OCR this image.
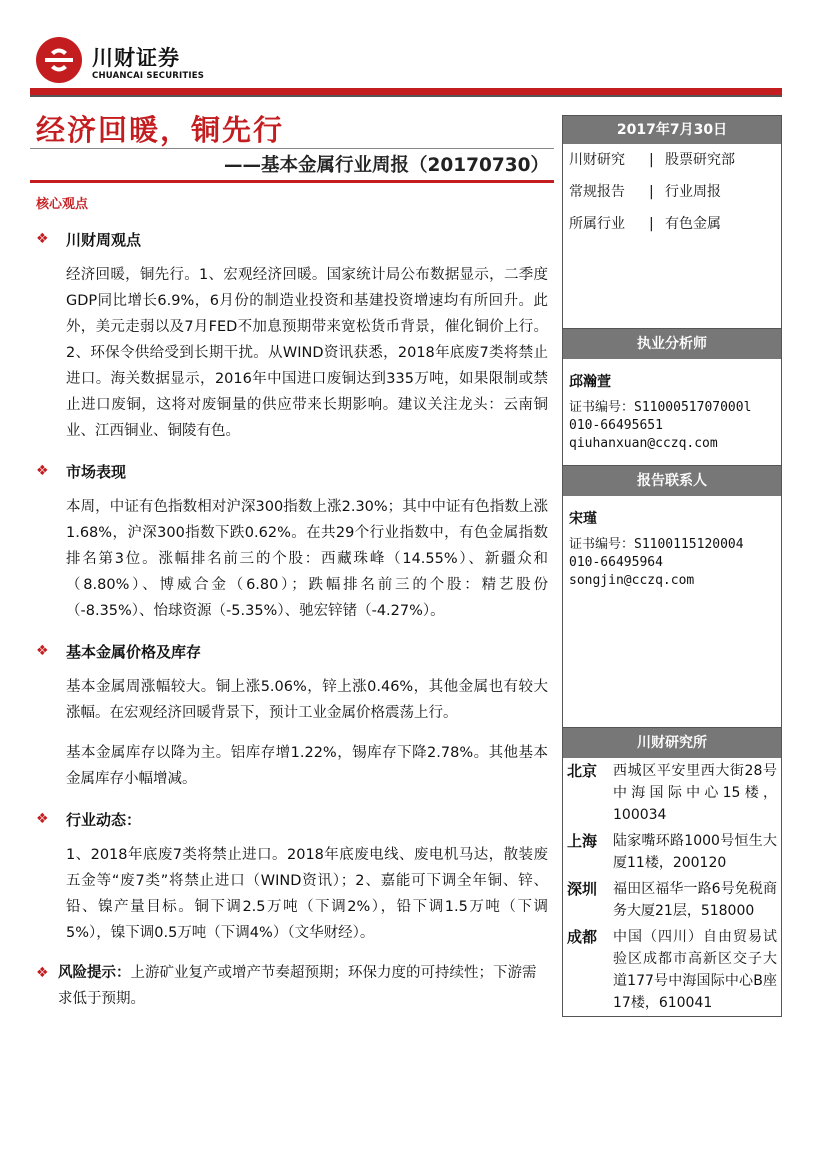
川财证券
CHUANCAI SECURITIES
经济回暖，铜先行
——基本金属行业周报（20170730）
核心观点
❖	川财周观点

经济回暖，铜先行。1、宏观经济回暖。国家统计局公布数据显示，二季度GDP同比增长6.9%，6月份的制造业投资和基建投资增速均有所回升。此外，美元走弱以及7月FED不加息预期带来宽松货币背景，催化铜价上行。2、环保令供给受到长期干扰。从WIND资讯获悉，2018年底废7类将禁止进口。海关数据显示，2016年中国进口废铜达到335万吨，如果限制或禁止进口废铜，这将对废铜量的供应带来长期影响。建议关注龙头：云南铜业、江西铜业、铜陵有色。

❖	市场表现

本周，中证有色指数相对沪深300指数上涨2.30%；其中中证有色指数上涨1.68%，沪深300指数下跌0.62%。在共29个行业指数中，有色金属指数排名第3位。涨幅排名前三的个股：西藏珠峰（14.55%）、新疆众和（8.80%）、博威合金（6.80）；跌幅排名前三的个股：精艺股份（-8.35%）、怡球资源（-5.35%）、驰宏锌锗（-4.27%）。

❖	基本金属价格及库存

基本金属周涨幅较大。铜上涨5.06%，锌上涨0.46%，其他金属也有较大涨幅。在宏观经济回暖背景下，预计工业金属价格震荡上行。

基本金属库存以降为主。铝库存增1.22%，锡库存下降2.78%。其他基本金属库存小幅增减。

❖	行业动态：

1、2018年底废7类将禁止进口。2018年底废电线、废电机马达，散装废五金等“废7类”将禁止进口（WIND资讯）；2、嘉能可下调全年铜、锌、铅、镍产量目标。铜下调2.5万吨（下调2%），铅下调1.5万吨（下调5%），镍下调0.5万吨（下调4%）（文华财经）。

❖ 风险提示：上游矿业复产或增产节奏超预期；环保力度的可持续性；下游需求低于预期。
2017年7月30日
川财研究	| 股票研究部
常规报告	| 行业周报
所属行业	| 有色金属
执业分析师
邱瀚萱
证书编号：S1100051707000l
010-66495651
qiuhanxuan@cczq.com
报告联系人
宋瑾
证书编号：S1100115120004
010-66495964
songjin@cczq.com
川财研究所
北京	西城区平安里西大街28号中海国际中心15楼，100034
上海	陆家嘴环路1000号恒生大厦11楼，200120
深圳	福田区福华一路6号免税商务大厦21层，518000
成都	中国（四川）自由贸易试验区成都市高新区交子大道177号中海国际中心B座17楼，610041
